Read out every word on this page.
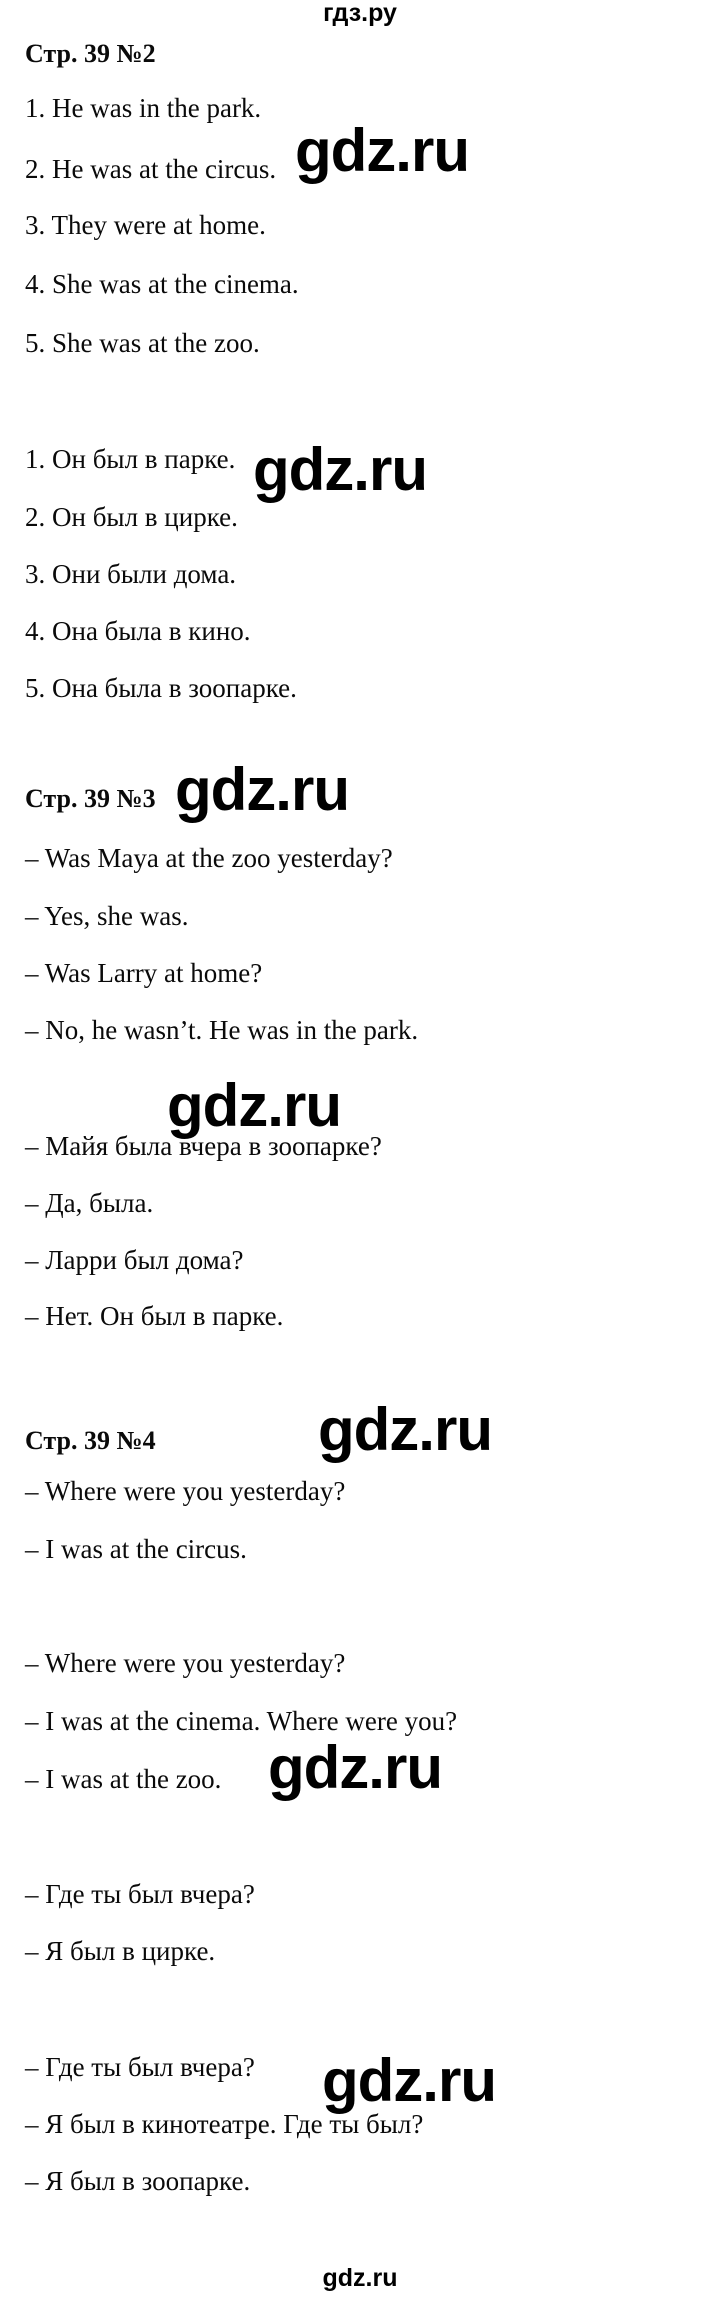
гдз.ру
Стр. 39 №2
1. He was in the park.
2. He was at the circus.
3. They were at home.
4. She was at the cinema.
5. She was at the zoo.
1. Он был в парке.
2. Он был в цирке.
3. Они были дома.
4. Она была в кино.
5. Она была в зоопарке.
Стр. 39 №3
– Was Maya at the zoo yesterday?
– Yes, she was.
– Was Larry at home?
– No, he wasn’t. He was in the park.
– Майя была вчера в зоопарке?
– Да, была.
– Ларри был дома?
– Нет. Он был в парке.
Стр. 39 №4
– Where were you yesterday?
– I was at the circus.
– Where were you yesterday?
– I was at the cinema. Where were you?
– I was at the zoo.
– Где ты был вчера?
– Я был в цирке.
– Где ты был вчера?
– Я был в кинотеатре. Где ты был?
– Я был в зоопарке.
gdz.ru
gdz.ru
gdz.ru
gdz.ru
gdz.ru
gdz.ru
gdz.ru
gdz.ru
